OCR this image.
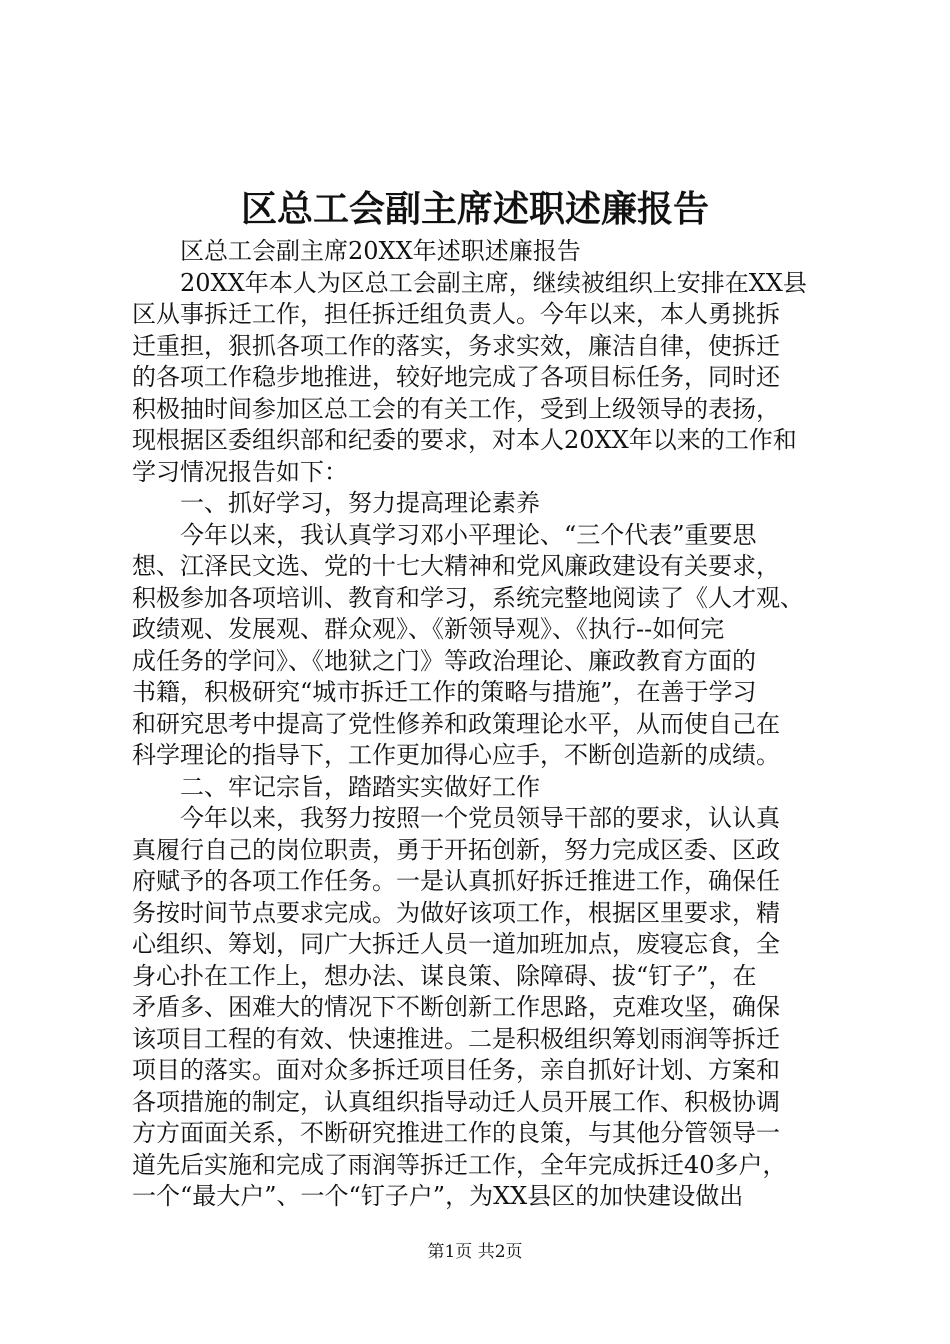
区总工会副主席述职述廉报告
区总工会副主席20XX年述职述廉报告
20XX年本人为区总工会副主席，继续被组织上安排在XX县
区从事拆迁工作，担任拆迁组负责人。今年以来，本人勇挑拆
迁重担，狠抓各项工作的落实，务求实效，廉洁自律，使拆迁
的各项工作稳步地推进，较好地完成了各项目标任务，同时还
积极抽时间参加区总工会的有关工作，受到上级领导的表扬，
现根据区委组织部和纪委的要求，对本人20XX年以来的工作和
学习情况报告如下：
一、抓好学习，努力提高理论素养
今年以来，我认真学习邓小平理论、“三个代表”重要思
想、江泽民文选、党的十七大精神和党风廉政建设有关要求，
积极参加各项培训、教育和学习，系统完整地阅读了《人才观、
政绩观、发展观、群众观》、《新领导观》、《执行--如何完
成任务的学问》、《地狱之门》等政治理论、廉政教育方面的
书籍，积极研究“城市拆迁工作的策略与措施”，在善于学习
和研究思考中提高了党性修养和政策理论水平，从而使自己在
科学理论的指导下，工作更加得心应手，不断创造新的成绩。
二、牢记宗旨，踏踏实实做好工作
今年以来，我努力按照一个党员领导干部的要求，认认真
真履行自己的岗位职责，勇于开拓创新，努力完成区委、区政
府赋予的各项工作任务。一是认真抓好拆迁推进工作，确保任
务按时间节点要求完成。为做好该项工作，根据区里要求，精
心组织、筹划，同广大拆迁人员一道加班加点，废寝忘食，全
身心扑在工作上，想办法、谋良策、除障碍、拔“钉子”，在
矛盾多、困难大的情况下不断创新工作思路，克难攻坚，确保
该项目工程的有效、快速推进。二是积极组织筹划雨润等拆迁
项目的落实。面对众多拆迁项目任务，亲自抓好计划、方案和
各项措施的制定，认真组织指导动迁人员开展工作、积极协调
方方面面关系，不断研究推进工作的良策，与其他分管领导一
道先后实施和完成了雨润等拆迁工作，全年完成拆迁40多户，
一个“最大户”、一个“钉子户”，为XX县区的加快建设做出
第1页 共2页
